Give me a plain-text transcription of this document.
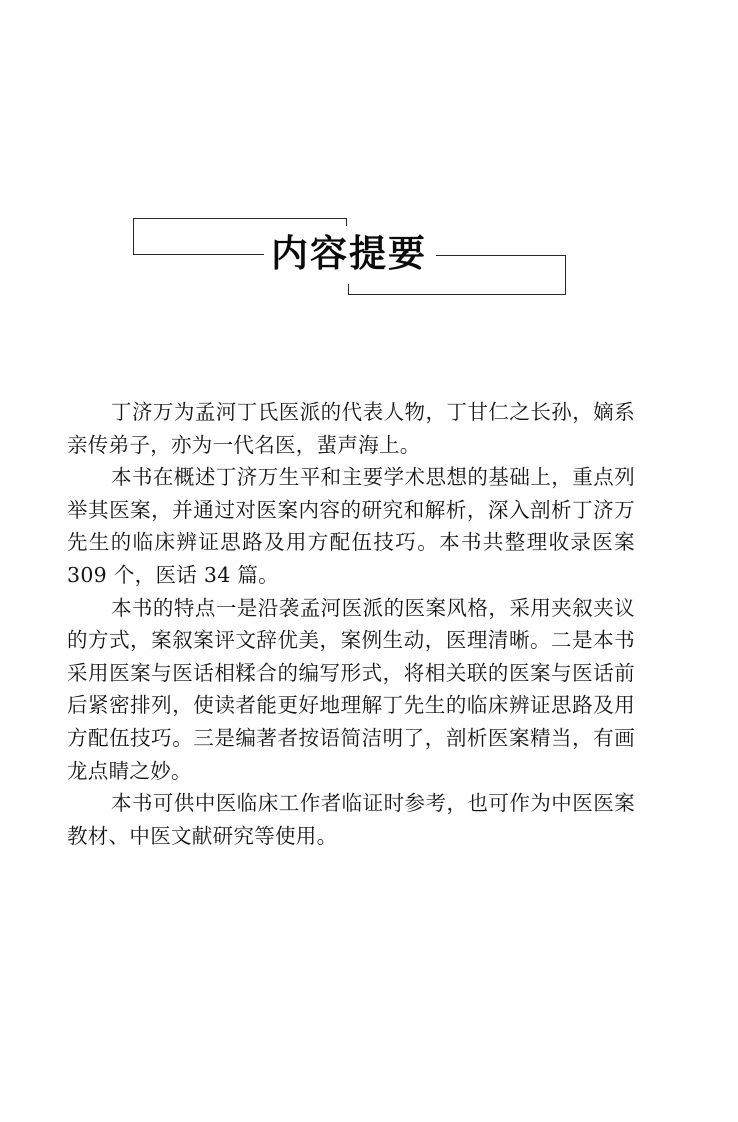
内容提要

丁济万为孟河丁氏医派的代表人物，丁甘仁之长孙，嫡系亲传弟子，亦为一代名医，蜚声海上。

本书在概述丁济万生平和主要学术思想的基础上，重点列举其医案，并通过对医案内容的研究和解析，深入剖析丁济万先生的临床辨证思路及用方配伍技巧。本书共整理收录医案 309 个，医话 34 篇。

本书的特点一是沿袭孟河医派的医案风格，采用夹叙夹议的方式，案叙案评文辞优美，案例生动，医理清晰。二是本书采用医案与医话相糅合的编写形式，将相关联的医案与医话前后紧密排列，使读者能更好地理解丁先生的临床辨证思路及用方配伍技巧。三是编著者按语简洁明了，剖析医案精当，有画龙点睛之妙。

本书可供中医临床工作者临证时参考，也可作为中医医案教材、中医文献研究等使用。
